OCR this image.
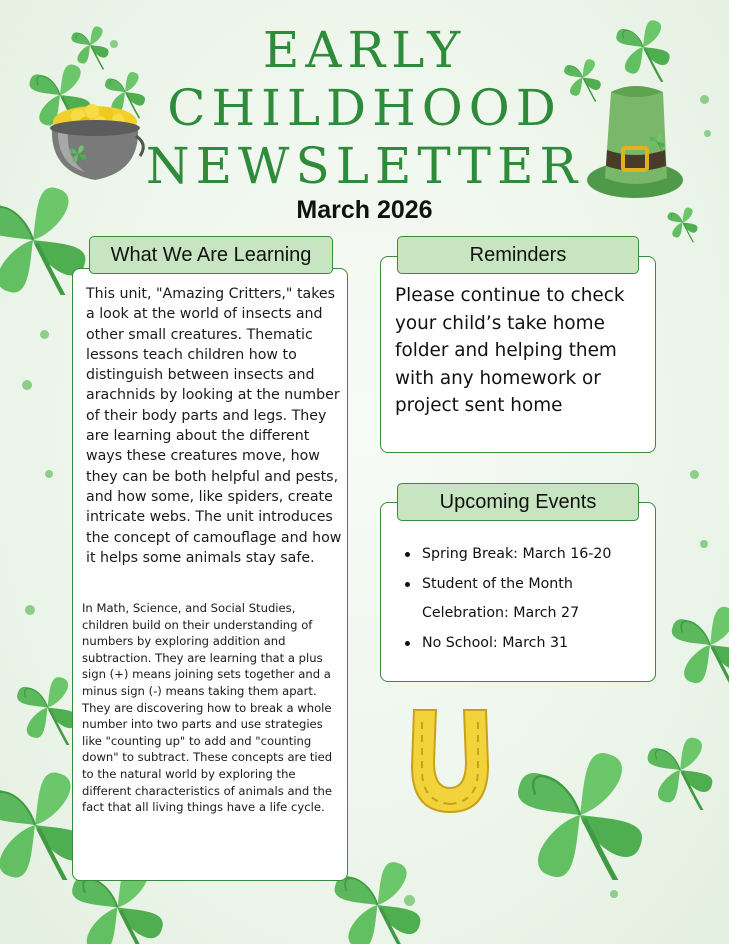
EARLY
CHILDHOOD
NEWSLETTER
March 2026
What We Are Learning
This unit, "Amazing Critters," takes a look at the world of insects and other small creatures. Thematic lessons teach children how to distinguish between insects and arachnids by looking at the number of their body parts and legs. They are learning about the different ways these creatures move, how they can be both helpful and pests, and how some, like spiders, create intricate webs. The unit introduces the concept of camouflage and how it helps some animals stay safe.
In Math, Science, and Social Studies, children build on their understanding of numbers by exploring addition and subtraction. They are learning that a plus sign (+) means joining sets together and a minus sign (-) means taking them apart. They are discovering how to break a whole number into two parts and use strategies like "counting up" to add and "counting down" to subtract. These concepts are tied to the natural world by exploring the different characteristics of animals and the fact that all living things have a life cycle.
Reminders
Please continue to check your child’s take home folder and helping them with any homework or project sent home
Upcoming Events
Spring Break: March 16-20
Student of the Month Celebration: March 27
No School: March 31
